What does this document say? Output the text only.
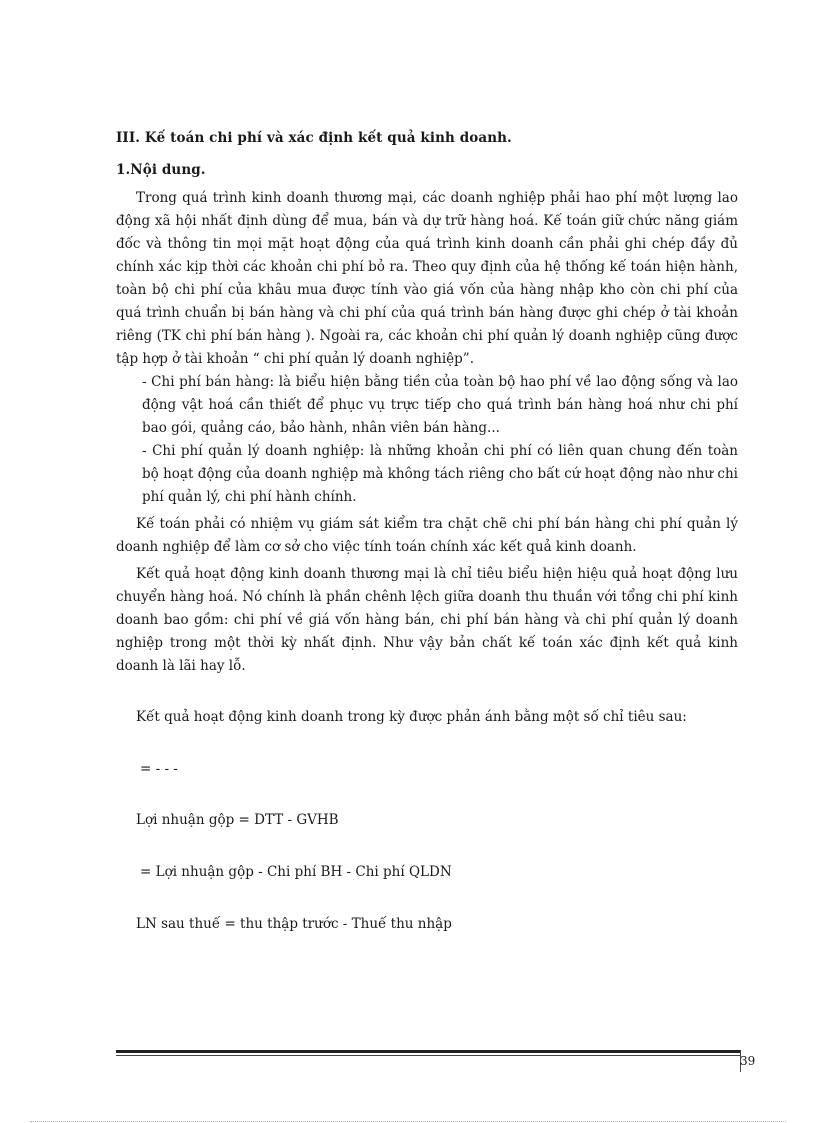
III. Kế toán chi phí và xác định kết quả kinh doanh.
1.Nội dung.
Trong quá trình kinh doanh thương mại, các doanh nghiệp phải hao phí một lượng lao động xã hội nhất định dùng để mua, bán và dự trữ hàng hoá. Kế toán giữ chức năng giám đốc và thông tin mọi mặt hoạt động của quá trình kinh doanh cần phải ghi chép đầy đủ chính xác kịp thời các khoản chi phí bỏ ra. Theo quy định của hệ thống kế toán hiện hành, toàn bộ chi phí của khâu mua được tính vào giá vốn của hàng nhập kho còn chi phí của quá trình chuẩn bị bán hàng và chi phí của quá trình bán hàng được ghi chép ở tài khoản riêng (TK chi phí bán hàng ). Ngoài ra, các khoản chi phí quản lý doanh nghiệp cũng được tập hợp ở tài khoản “ chi phí quản lý doanh nghiệp”.
- Chi phí bán hàng: là biểu hiện bằng tiền của toàn bộ hao phí về lao động sống và lao động vật hoá cần thiết để phục vụ trực tiếp cho quá trình bán hàng hoá như chi phí bao gói, quảng cáo, bảo hành, nhân viên bán hàng...
- Chi phí quản lý doanh nghiệp: là những khoản chi phí có liên quan chung đến toàn bộ hoạt động của doanh nghiệp mà không tách riêng cho bất cứ hoạt động nào như chi phí quản lý, chi phí hành chính.
Kế toán phải có nhiệm vụ giám sát kiểm tra chặt chẽ chi phí bán hàng chi phí quản lý doanh nghiệp để làm cơ sở cho việc tính toán chính xác kết quả kinh doanh.
Kết quả hoạt động kinh doanh thương mại là chỉ tiêu biểu hiện hiệu quả hoạt động lưu chuyển hàng hoá. Nó chính là phần chênh lệch giữa doanh thu thuần với tổng chi phí kinh doanh bao gồm: chi phí về giá vốn hàng bán, chi phí bán hàng và chi phí quản lý doanh nghiệp trong một thời kỳ nhất định. Như vậy bản chất kế toán xác định kết quả kinh doanh là lãi hay lỗ.
Kết quả hoạt động kinh doanh trong kỳ được phản ánh bằng một số chỉ tiêu sau:
= - - -
Lợi nhuận gộp = DTT - GVHB
= Lợi nhuận gộp - Chi phí BH - Chi phí QLDN
LN sau thuế = thu thập trước - Thuế thu nhập
39
